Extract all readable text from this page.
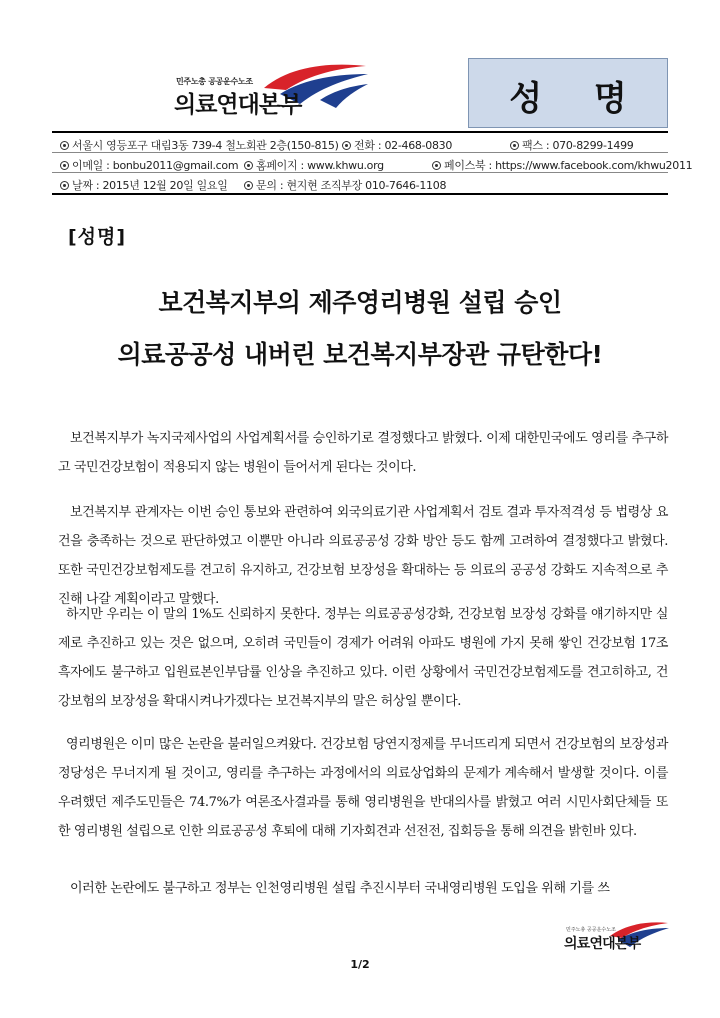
민주노총 공공운수노조
의료연대본부	성 명
서울시 영등포구 대림3동 739-4 철노회관 2층(150-815)	전화 : 02-468-0830	팩스 : 070-8299-1499
이메일 : bonbu2011@gmail.com	홈페이지 : www.khwu.org	페이스북 : https://www.facebook.com/khwu2011
날짜 : 2015년 12월 20일 일요일	문의 : 현지현 조직부장 010-7646-1108
[성명]
보건복지부의 제주영리병원 설립 승인
의료공공성 내버린 보건복지부장관 규탄한다!

보건복지부가 녹지국제사업의 사업계획서를 승인하기로 결정했다고 밝혔다. 이제 대한민국에도 영리를 추구하고 국민건강보험이 적용되지 않는 병원이 들어서게 된다는 것이다.

보건복지부 관계자는 이번 승인 통보와 관련하여 외국의료기관 사업계획서 검토 결과 투자적격성 등 법령상 요건을 충족하는 것으로 판단하였고 이뿐만 아니라 의료공공성 강화 방안 등도 함께 고려하여 결정했다고 밝혔다. 또한 국민건강보험제도를 견고히 유지하고, 건강보험 보장성을 확대하는 등 의료의 공공성 강화도 지속적으로 추진해 나갈 계획이라고 말했다.

하지만 우리는 이 말의 1%도 신뢰하지 못한다. 정부는 의료공공성강화, 건강보험 보장성 강화를 얘기하지만 실제로 추진하고 있는 것은 없으며, 오히려 국민들이 경제가 어려워 아파도 병원에 가지 못해 쌓인 건강보험 17조 흑자에도 불구하고 입원료본인부담률 인상을 추진하고 있다. 이런 상황에서 국민건강보험제도를 견고히하고, 건강보험의 보장성을 확대시켜나가겠다는 보건복지부의 말은 허상일 뿐이다.

영리병원은 이미 많은 논란을 불러일으켜왔다. 건강보험 당연지정제를 무너뜨리게 되면서 건강보험의 보장성과 정당성은 무너지게 될 것이고, 영리를 추구하는 과정에서의 의료상업화의 문제가 계속해서 발생할 것이다. 이를 우려했던 제주도민들은 74.7%가 여론조사결과를 통해 영리병원을 반대의사를 밝혔고 여러 시민사회단체들 또한 영리병원 설립으로 인한 의료공공성 후퇴에 대해 기자회견과 선전전, 집회등을 통해 의견을 밝힌바 있다.

이러한 논란에도 불구하고 정부는 인천영리병원 설립 추진시부터 국내영리병원 도입을 위해 기를 쓰

민주노총 공공운수노조
의료연대본부
1/2
